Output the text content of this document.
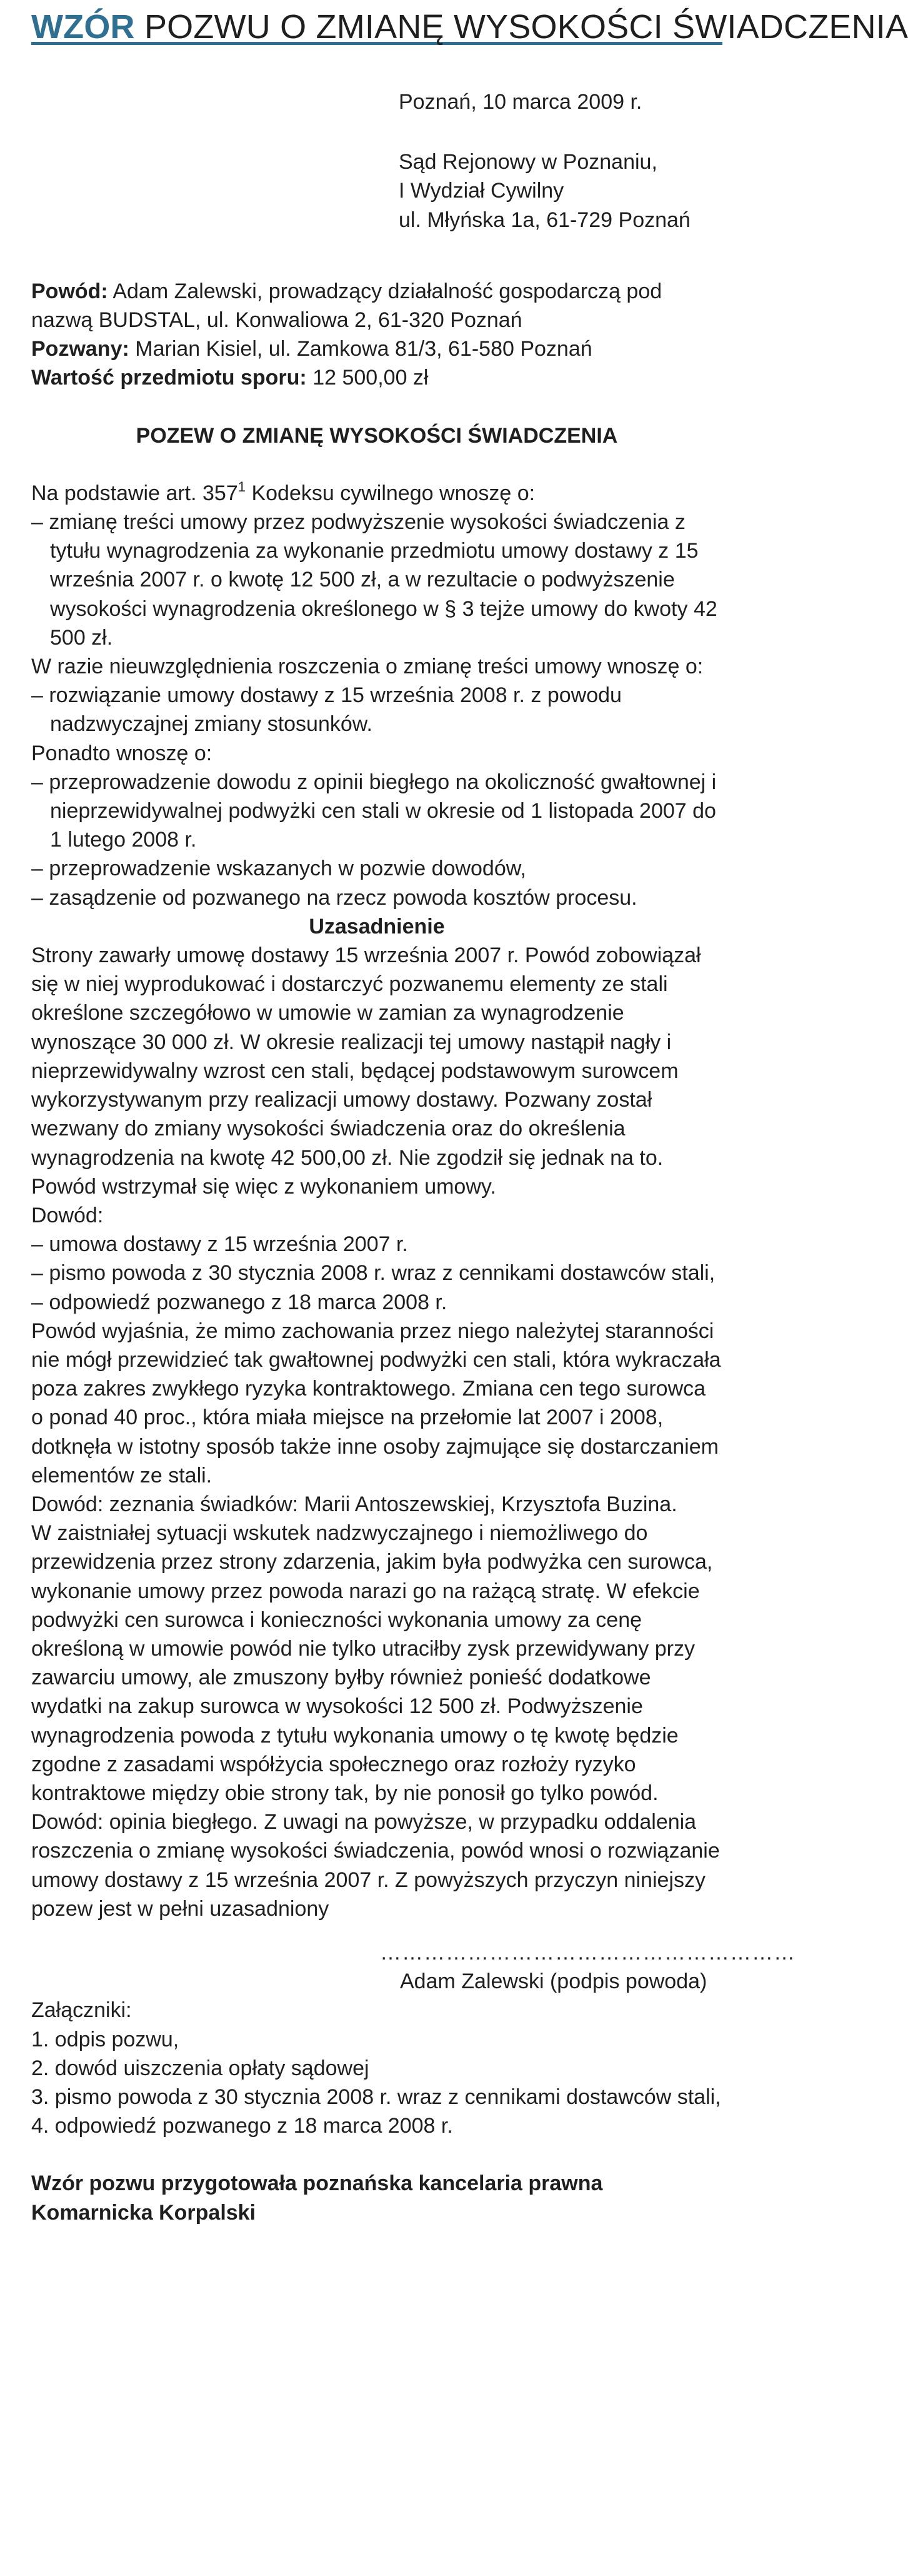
WZÓR POZWU O ZMIANĘ WYSOKOŚCI ŚWIADCZENIA

Poznań, 10 marca 2009 r.

Sąd Rejonowy w Poznaniu,

I Wydział Cywilny

ul. Młyńska 1a, 61-729 Poznań

Powód: Adam Zalewski, prowadzący działalność gospodarczą pod nazwą BUDSTAL, ul. Konwaliowa 2, 61-320 Poznań

Pozwany: Marian Kisiel, ul. Zamkowa 81/3, 61-580 Poznań

Wartość przedmiotu sporu: 12 500,00 zł

POZEW O ZMIANĘ WYSOKOŚCI ŚWIADCZENIA

Na podstawie art. $357^1$ Kodeksu cywilnego wnoszę o:

– zmianę treści umowy przez podwyższenie wysokości świadczenia z tytułu wynagrodzenia za wykonanie przedmiotu umowy dostawy z 15 września 2007 r. o kwotę 12 500 zł, a w rezultacie o podwyższenie wysokości wynagrodzenia określonego w § 3 tejże umowy do kwoty 42 500 zł.

W razie nieuwzględnienia roszczenia o zmianę treści umowy wnoszę o:

– rozwiązanie umowy dostawy z 15 września 2008 r. z powodu nadzwyczajnej zmiany stosunków.

Ponadto wnoszę o:

– przeprowadzenie dowodu z opinii biegłego na okoliczność gwałtownej i nieprzewidywalnej podwyżki cen stali w okresie od 1 listopada 2007 do 1 lutego 2008 r.

– przeprowadzenie wskazanych w pozwie dowodów,

– zasądzenie od pozwanego na rzecz powoda kosztów procesu.

Uzasadnienie

Strony zawarły umowę dostawy 15 września 2007 r. Powód zobowiązał się w niej wyprodukować i dostarczyć pozwanemu elementy ze stali określone szczegółowo w umowie w zamian za wynagrodzenie wynoszące 30 000 zł. W okresie realizacji tej umowy nastąpił nagły i nieprzewidywalny wzrost cen stali, będącej podstawowym surowcem wykorzystywanym przy realizacji umowy dostawy. Pozwany został wezwany do zmiany wysokości świadczenia oraz do określenia wynagrodzenia na kwotę 42 500,00 zł. Nie zgodził się jednak na to. Powód wstrzymał się więc z wykonaniem umowy.

Dowód:

– umowa dostawy z 15 września 2007 r.

– pismo powoda z 30 stycznia 2008 r. wraz z cennikami dostawców stali,

– odpowiedź pozwanego z 18 marca 2008 r.

Powód wyjaśnia, że mimo zachowania przez niego należytej staranności nie mógł przewidzieć tak gwałtownej podwyżki cen stali, która wykraczała poza zakres zwykłego ryzyka kontraktowego. Zmiana cen tego surowca o ponad 40 proc., która miała miejsce na przełomie lat 2007 i 2008, dotknęła w istotny sposób także inne osoby zajmujące się dostarczaniem elementów ze stali.

Dowód: zeznania świadków: Marii Antoszewskiej, Krzysztofa Buzina.

W zaistniałej sytuacji wskutek nadzwyczajnego i niemożliwego do przewidzenia przez strony zdarzenia, jakim była podwyżka cen surowca, wykonanie umowy przez powoda narazi go na rażącą stratę. W efekcie podwyżki cen surowca i konieczności wykonania umowy za cenę określoną w umowie powód nie tylko utraciłby zysk przewidywany przy zawarciu umowy, ale zmuszony byłby również ponieść dodatkowe wydatki na zakup surowca w wysokości 12 500 zł. Podwyższenie wynagrodzenia powoda z tytułu wykonania umowy o tę kwotę będzie zgodne z zasadami współżycia społecznego oraz rozłoży ryzyko kontraktowe między obie strony tak, by nie ponosił go tylko powód.

Dowód: opinia biegłego. Z uwagi na powyższe, w przypadku oddalenia roszczenia o zmianę wysokości świadczenia, powód wnosi o rozwiązanie umowy dostawy z 15 września 2007 r. Z powyższych przyczyn niniejszy pozew jest w pełni uzasadniony

…………………………………………………

Adam Zalewski (podpis powoda)

Załączniki:

1. odpis pozwu,

2. dowód uiszczenia opłaty sądowej

3. pismo powoda z 30 stycznia 2008 r. wraz z cennikami dostawców stali,

4. odpowiedź pozwanego z 18 marca 2008 r.

Wzór pozwu przygotowała poznańska kancelaria prawna Komarnicka Korpalski
